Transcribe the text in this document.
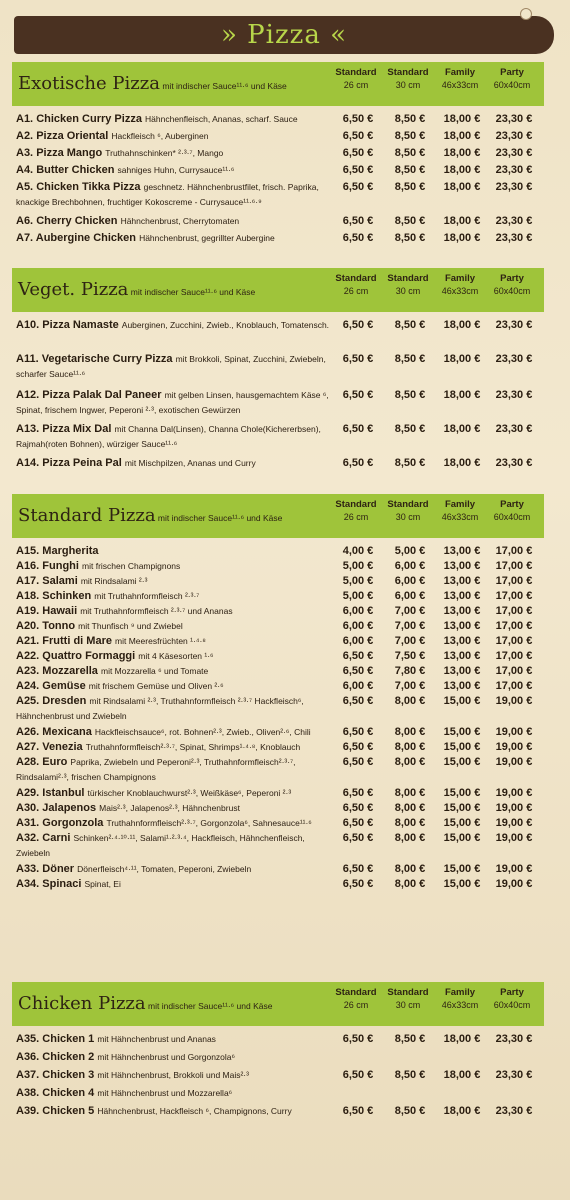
» Pizza «
Exotische Pizza mit indischer Sauce¹¹·⁶ und Käse
Standard
26 cm
Standard
30 cm
Family
46x33cm
Party
60x40cm
A1. Chicken Curry Pizza Hähnchenfleisch, Ananas, scharf. Sauce	6,50 €	8,50 €	18,00 €	23,30 €
A2. Pizza Oriental Hackfleisch ⁶, Auberginen	6,50 €	8,50 €	18,00 €	23,30 €
A3. Pizza Mango Truthahnschinken* ²·³·⁷, Mango	6,50 €	8,50 €	18,00 €	23,30 €
A4. Butter Chicken sahniges Huhn, Currysauce¹¹·⁶	6,50 €	8,50 €	18,00 €	23,30 €
A5. Chicken Tikka Pizza geschnetz. Hähnchenbrustfilet, frisch. Paprika, knackige Brechbohnen, fruchtiger Kokoscreme - Currysauce¹¹·⁶·⁹
6,50 €	8,50 €	18,00 €	23,30 €
A6. Cherry Chicken Hähnchenbrust, Cherrytomaten	6,50 €	8,50 €	18,00 €	23,30 €
A7. Aubergine Chicken Hähnchenbrust, gegrillter Aubergine	6,50 €	8,50 €	18,00 €	23,30 €
Veget. Pizza mit indischer Sauce¹¹·⁶ und Käse
Standard
26 cm
Standard
30 cm
Family
46x33cm
Party
60x40cm
A10. Pizza Namaste Auberginen, Zucchini, Zwieb., Knoblauch, Tomatensch.	6,50 €	8,50 €	18,00 €	23,30 €
A11. Vegetarische Curry Pizza mit Brokkoli, Spinat, Zucchini, Zwiebeln, scharfer Sauce¹¹·⁶
6,50 €	8,50 €	18,00 €	23,30 €
A12. Pizza Palak Dal Paneer mit gelben Linsen, hausgemachtem Käse ⁶, Spinat, frischem Ingwer, Peperoni ²·³, exotischen Gewürzen
6,50 €	8,50 €	18,00 €	23,30 €
A13. Pizza Mix Dal mit Channa Dal(Linsen), Channa Chole(Kichererbsen), Rajmah(roten Bohnen), würziger Sauce¹¹·⁶
6,50 €	8,50 €	18,00 €	23,30 €
A14. Pizza Peina Pal mit Mischpilzen, Ananas und Curry	6,50 €	8,50 €	18,00 €	23,30 €
Standard Pizza mit indischer Sauce¹¹·⁶ und Käse
Standard
26 cm
Standard
30 cm
Family
46x33cm
Party
60x40cm
A15. Margherita	4,00 €	5,00 €	13,00 €	17,00 €
A16. Funghi mit frischen Champignons	5,00 €	6,00 €	13,00 €	17,00 €
A17. Salami mit Rindsalami ²·³	5,00 €	6,00 €	13,00 €	17,00 €
A18. Schinken mit Truthahnformfleisch ²·³·⁷	5,00 €	6,00 €	13,00 €	17,00 €
A19. Hawaii mit Truthahnformfleisch ²·³·⁷ und Ananas	6,00 €	7,00 €	13,00 €	17,00 €
A20. Tonno mit Thunfisch ⁹ und Zwiebel	6,00 €	7,00 €	13,00 €	17,00 €
A21. Frutti di Mare mit Meeresfrüchten ¹·⁴·⁸	6,00 €	7,00 €	13,00 €	17,00 €
A22. Quattro Formaggi mit 4 Käsesorten ¹·⁶	6,50 €	7,50 €	13,00 €	17,00 €
A23. Mozzarella mit Mozzarella ⁶ und Tomate	6,50 €	7,80 €	13,00 €	17,00 €
A24. Gemüse mit frischem Gemüse und Oliven ²·⁶	6,00 €	7,00 €	13,00 €	17,00 €
A25. Dresden mit Rindsalami ²·³, Truthahnformfleisch ²·³·⁷ Hackfleisch⁶, Hähnchenbrust und Zwiebeln
6,50 €	8,00 €	15,00 €	19,00 €
A26. Mexicana Hackfleischsauce⁶, rot. Bohnen²·³, Zwieb., Oliven²·⁶, Chili	6,50 €	8,00 €	15,00 €	19,00 €
A27. Venezia Truthahnformfleisch²·³·⁷, Spinat, Shrimps¹·⁴·⁸, Knoblauch	6,50 €	8,00 €	15,00 €	19,00 €
A28. Euro Paprika, Zwiebeln und Peperoni²·³, Truthahnformfleisch²·³·⁷, Rindsalami²·³, frischen Champignons
6,50 €	8,00 €	15,00 €	19,00 €
A29. Istanbul türkischer Knoblauchwurst²·³, Weißkäse⁶, Peperoni ²·³	6,50 €	8,00 €	15,00 €	19,00 €
A30. Jalapenos Mais²·³, Jalapenos²·³, Hähnchenbrust	6,50 €	8,00 €	15,00 €	19,00 €
A31. Gorgonzola Truthahnformfleisch²·³·⁷, Gorgonzola⁶, Sahnesauce¹¹·⁶	6,50 €	8,00 €	15,00 €	19,00 €
A32. Carni Schinken²·⁴·¹⁰·¹¹, Salami¹·²·³·⁴, Hackfleisch, Hähnchenfleisch, Zwiebeln
6,50 €	8,00 €	15,00 €	19,00 €
A33. Döner Dönerfleisch⁴·¹¹, Tomaten, Peperoni, Zwiebeln	6,50 €	8,00 €	15,00 €	19,00 €
A34. Spinaci Spinat, Ei	6,50 €	8,00 €	15,00 €	19,00 €
Chicken Pizza mit indischer Sauce¹¹·⁶ und Käse
Standard
26 cm
Standard
30 cm
Family
46x33cm
Party
60x40cm
A35. Chicken 1 mit Hähnchenbrust und Ananas	6,50 €	8,50 €	18,00 €	23,30 €
A36. Chicken 2 mit Hähnchenbrust und Gorgonzola⁶
A37. Chicken 3 mit Hähnchenbrust, Brokkoli und Mais²·³	6,50 €	8,50 €	18,00 €	23,30 €
A38. Chicken 4 mit Hähnchenbrust und Mozzarella⁶
A39. Chicken 5 Hähnchenbrust, Hackfleisch ⁶, Champignons, Curry	6,50 €	8,50 €	18,00 €	23,30 €
